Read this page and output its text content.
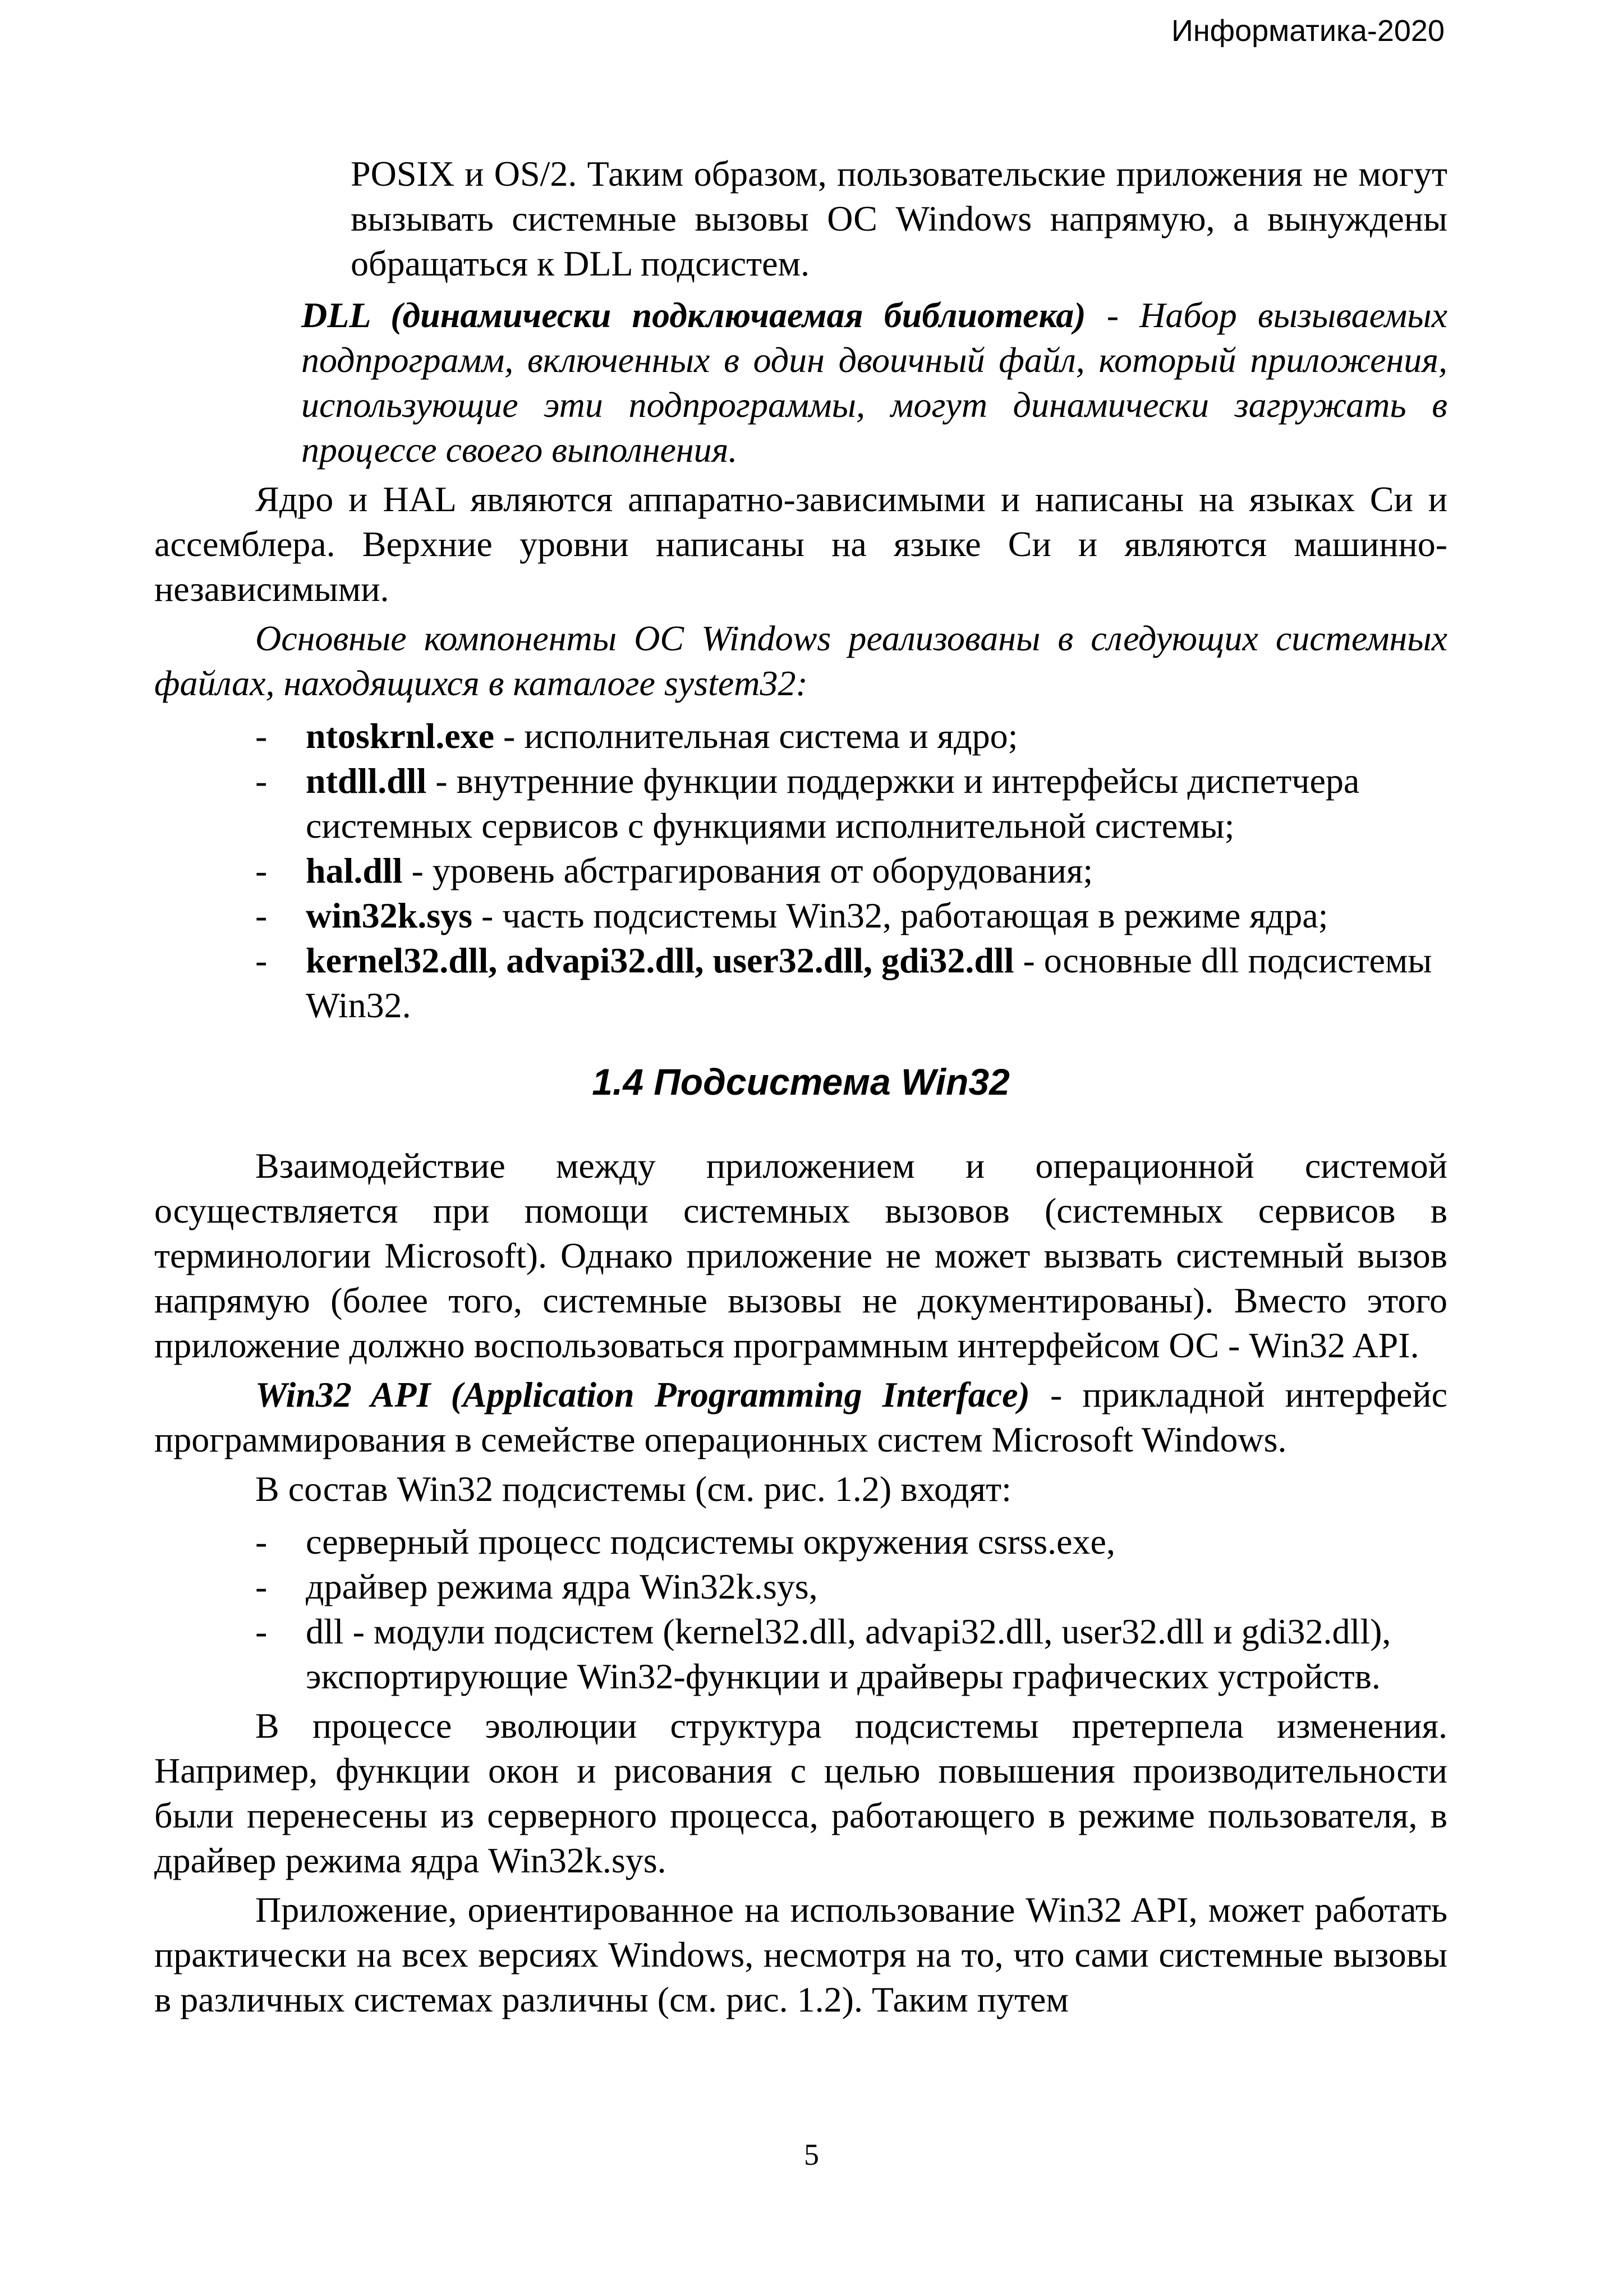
Информатика-2020

POSIX и OS/2. Таким образом, пользовательские приложения не могут вызывать системные вызовы ОС Windows напрямую, а вынуждены обращаться к DLL подсистем.

DLL (динамически подключаемая библиотека) - Набор вызываемых подпрограмм, включенных в один двоичный файл, который приложения, использующие эти подпрограммы, могут динамически загружать в процессе своего выполнения.

Ядро и HAL являются аппаратно-зависимыми и написаны на языках Си и ассемблера. Верхние уровни написаны на языке Си и являются машинно-независимыми.

Основные компоненты ОС Windows реализованы в следующих системных файлах, находящихся в каталоге system32:

- ntoskrnl.exe - исполнительная система и ядро;
- ntdll.dll - внутренние функции поддержки и интерфейсы диспетчера системных сервисов с функциями исполнительной системы;
- hal.dll - уровень абстрагирования от оборудования;
- win32k.sys - часть подсистемы Win32, работающая в режиме ядра;
- kernel32.dll, advapi32.dll, user32.dll, gdi32.dll - основные dll подсистемы Win32.
1.4 Подсистема Win32

Взаимодействие между приложением и операционной системой осуществляется при помощи системных вызовов (системных сервисов в терминологии Microsoft). Однако приложение не может вызвать системный вызов напрямую (более того, системные вызовы не документированы). Вместо этого приложение должно воспользоваться программным интерфейсом ОС - Win32 API.

Win32 API (Application Programming Interface) - прикладной интерфейс программирования в семействе операционных систем Microsoft Windows.

В состав Win32 подсистемы (см. рис. 1.2) входят:

- серверный процесс подсистемы окружения csrss.exe,
- драйвер режима ядра Win32k.sys,
- dll - модули подсистем (kernel32.dll, advapi32.dll, user32.dll и gdi32.dll), экспортирующие Win32-функции и драйверы графических устройств.

В процессе эволюции структура подсистемы претерпела изменения. Например, функции окон и рисования с целью повышения производительности были перенесены из серверного процесса, работающего в режиме пользователя, в драйвер режима ядра Win32k.sys.

Приложение, ориентированное на использование Win32 API, может работать практически на всех версиях Windows, несмотря на то, что сами системные вызовы в различных системах различны (см. рис. 1.2). Таким путем

5
